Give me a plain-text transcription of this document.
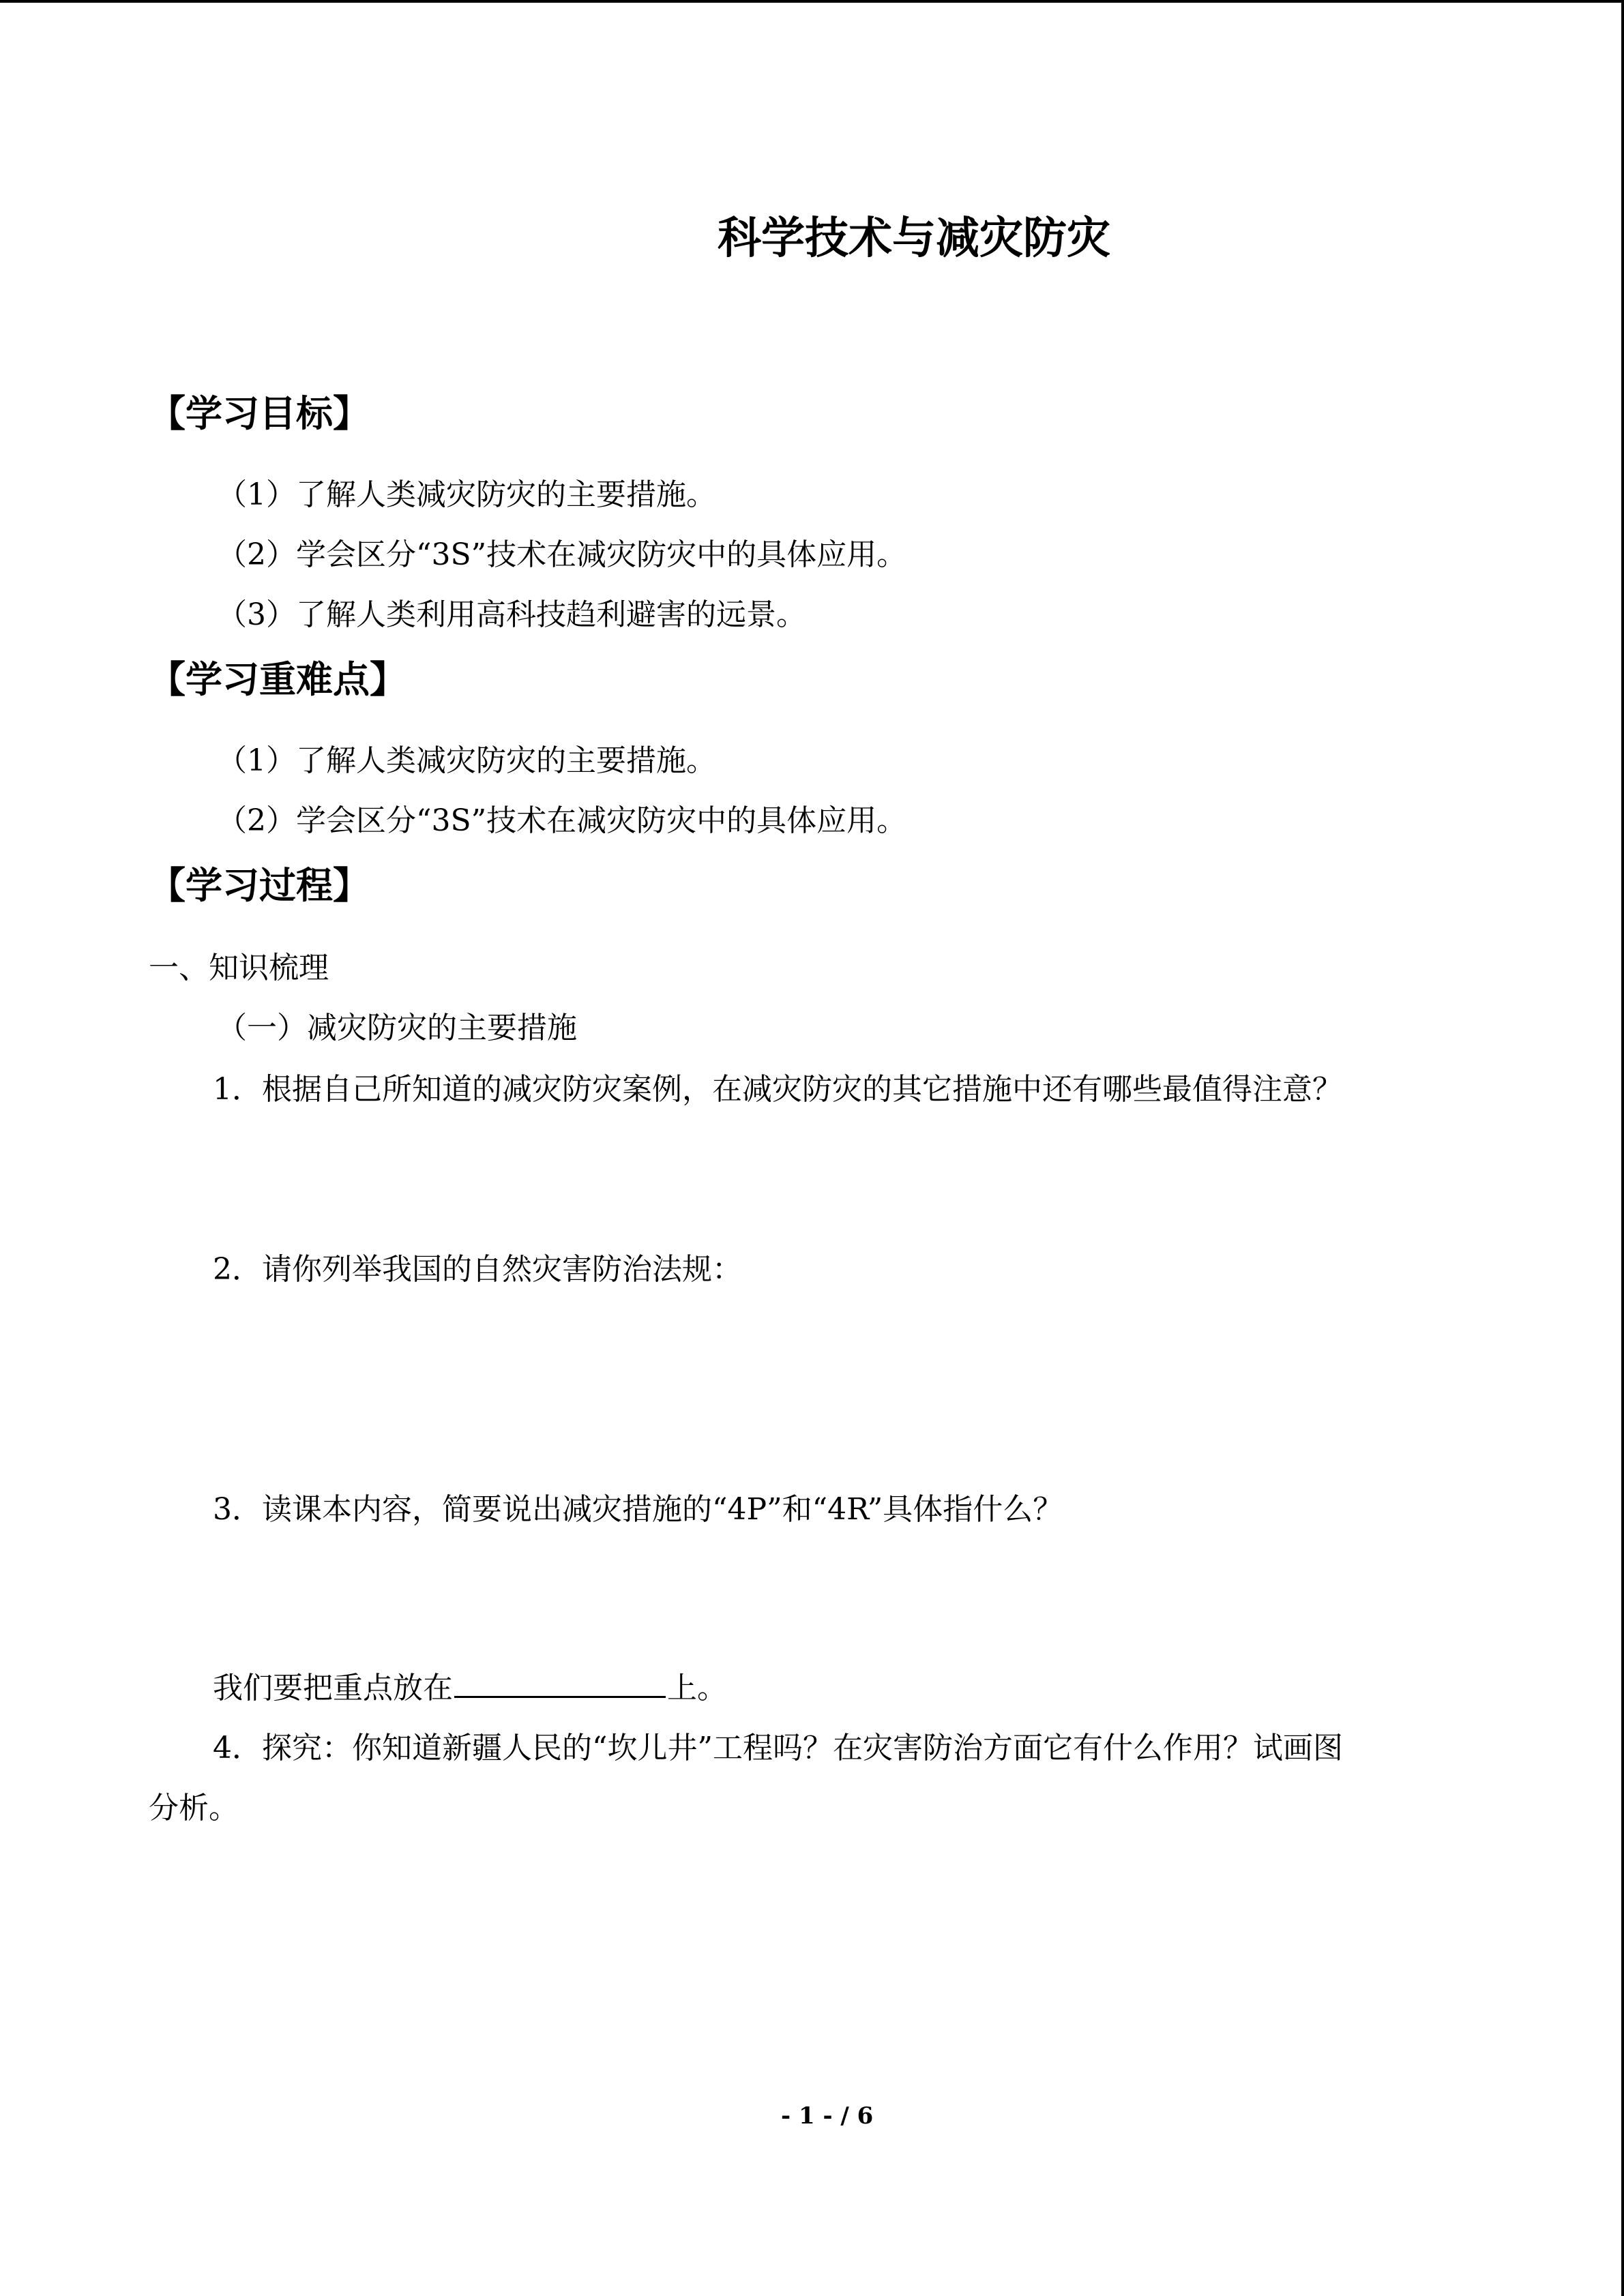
科学技术与减灾防灾
【学习目标】
（1）了解人类减灾防灾的主要措施。
（2）学会区分“3S”技术在减灾防灾中的具体应用。
（3）了解人类利用高科技趋利避害的远景。
【学习重难点】
（1）了解人类减灾防灾的主要措施。
（2）学会区分“3S”技术在减灾防灾中的具体应用。
【学习过程】
一、知识梳理
（一）减灾防灾的主要措施
1．根据自己所知道的减灾防灾案例，在减灾防灾的其它措施中还有哪些最值得注意？
2．请你列举我国的自然灾害防治法规：
3．读课本内容，简要说出减灾措施的“4P”和“4R”具体指什么？
我们要把重点放在	上。
4．探究：你知道新疆人民的“坎儿井”工程吗？在灾害防治方面它有什么作用？试画图
分析。
- 1 - / 6
